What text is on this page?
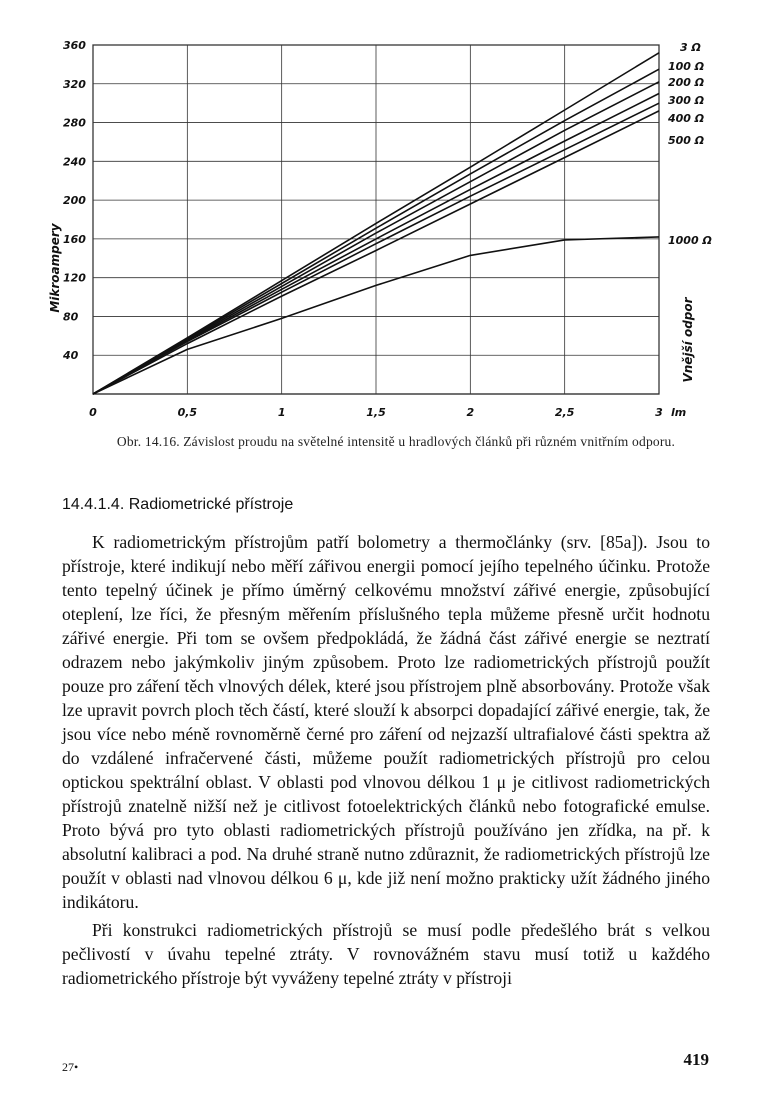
40
80
120
160
200
240
280
320
360
0	0,5	1	1,5	2	2,5	3 lm
3 Ω
100 Ω
200 Ω
300 Ω
400 Ω
500 Ω
1000 Ω
Mikroampery
Vnější odpor
Obr. 14.16. Závislost proudu na světelné intensitě u hradlových článků při různém vnitřním odporu.
14.4.1.4. Radiometrické přístroje

K radiometrickým přístrojům patří bolometry a thermočlánky (srv. [85a]). Jsou to přístroje, které indikují nebo měří zářivou energii pomocí jejího tepelného účinku. Protože tento tepelný účinek je přímo úměrný celkovému množství zářivé energie, způsobující oteplení, lze říci, že přesným měřením příslušného tepla můžeme přesně určit hodnotu zářivé energie. Při tom se ovšem předpokládá, že žádná část zářivé energie se neztratí odrazem nebo jakýmkoliv jiným způsobem. Proto lze radiometrických přístrojů použít pouze pro záření těch vlnových délek, které jsou přístrojem plně absorbovány. Protože však lze upravit povrch ploch těch částí, které slouží k absorpci dopadající zářivé energie, tak, že jsou více nebo méně rovnoměrně černé pro záření od nejzazší ultrafialové části spektra až do vzdálené infračervené části, můžeme použít radiometrických přístrojů pro celou optickou spektrální oblast. V oblasti pod vlnovou délkou 1 μ je citlivost radiometrických přístrojů znatelně nižší než je citlivost fotoelektrických článků nebo fotografické emulse. Proto bývá pro tyto oblasti radiometrických přístrojů používáno jen zřídka, na př. k absolutní kalibraci a pod. Na druhé straně nutno zdůraznit, že radiometrických přístrojů lze použít v oblasti nad vlnovou délkou 6 μ, kde již není možno prakticky užít žádného jiného indikátoru.

Při konstrukci radiometrických přístrojů se musí podle předešlého brát s velkou pečlivostí v úvahu tepelné ztráty. V rovnovážném stavu musí totiž u každého radiometrického přístroje být vyváženy tepelné ztráty v přístroji

27•	419
